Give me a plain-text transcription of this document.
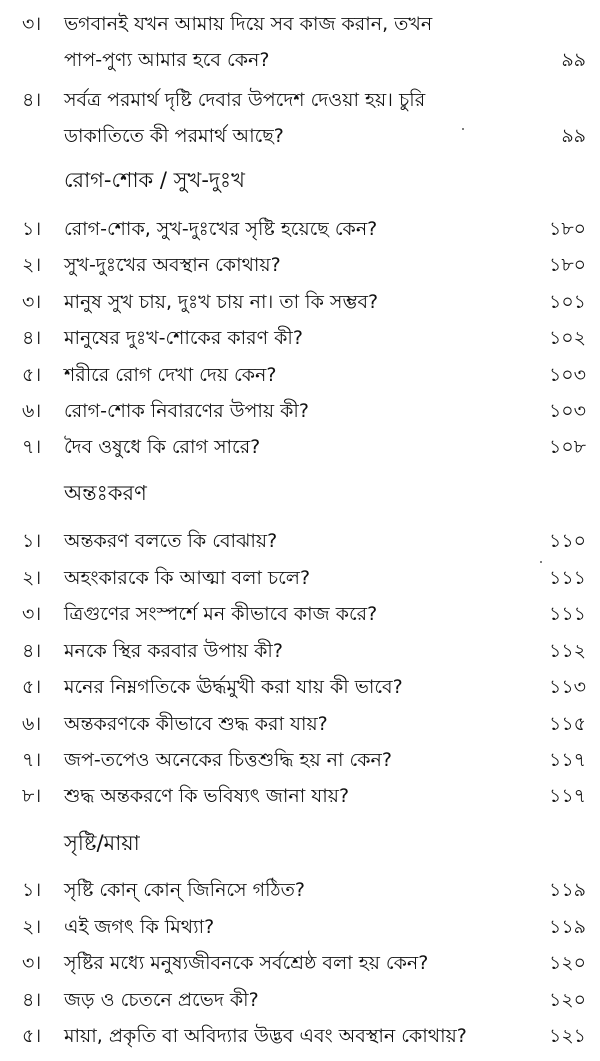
৩।	ভগবানই যখন আমায় দিয়ে সব কাজ করান, তখন
পাপ-পুণ্য আমার হবে কেন?	৯৯
৪।	সর্বত্র পরমার্থ দৃষ্টি দেবার উপদেশ দেওয়া হয়। চুরি
ডাকাতিতে কী পরমার্থ আছে?	৯৯
রোগ-শোক / সুখ-দুঃখ
১।	রোগ-শোক, সুখ-দুঃখের সৃষ্টি হয়েছে কেন?	১৮০
২।	সুখ-দুঃখের অবস্থান কোথায়?	১৮০
৩।	মানুষ সুখ চায়, দুঃখ চায় না। তা কি সম্ভব?	১০১
৪।	মানুষের দুঃখ-শোকের কারণ কী?	১০২
৫।	শরীরে রোগ দেখা দেয় কেন?	১০৩
৬।	রোগ-শোক নিবারণের উপায় কী?	১০৩
৭।	দৈব ওষুধে কি রোগ সারে?	১০৮
অন্তঃকরণ
১।	অন্তকরণ বলতে কি বোঝায়?	১১০
২।	অহংকারকে কি আত্মা বলা চলে?	১১১
৩।	ত্রিগুণের সংস্পর্শে মন কীভাবে কাজ করে?	১১১
৪।	মনকে স্থির করবার উপায় কী?	১১২
৫।	মনের নিম্নগতিকে ঊর্দ্ধমুখী করা যায় কী ভাবে?	১১৩
৬।	অন্তকরণকে কীভাবে শুদ্ধ করা যায়?	১১৫
৭।	জপ-তপেও অনেকের চিত্তশুদ্ধি হয় না কেন?	১১৭
৮।	শুদ্ধ অন্তকরণে কি ভবিষ্যৎ জানা যায়?	১১৭
সৃষ্টি/মায়া
১।	সৃষ্টি কোন্ কোন্ জিনিসে গঠিত?	১১৯
২।	এই জগৎ কি মিথ্যা?	১১৯
৩।	সৃষ্টির মধ্যে মনুষ্যজীবনকে সর্বশ্রেষ্ঠ বলা হয় কেন?	১২০
৪।	জড় ও চেতনে প্রভেদ কী?	১২০
৫।	মায়া, প্রকৃতি বা অবিদ্যার উদ্ভব এবং অবস্থান কোথায়?	১২১
